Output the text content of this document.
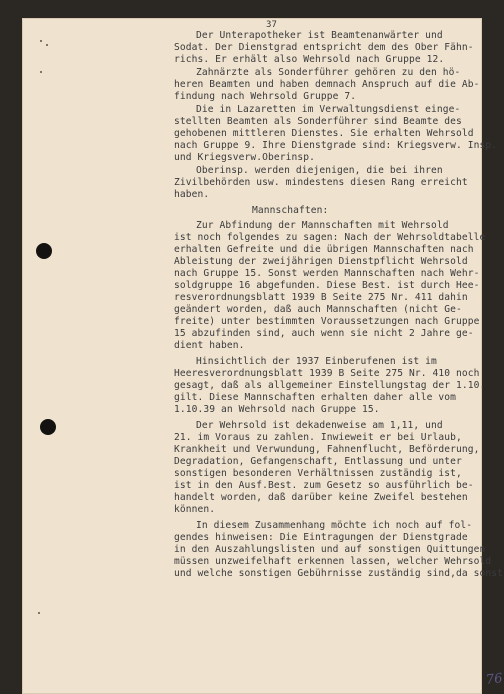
37
Der Unterapotheker ist Beamtenanwärter und
Sodat. Der Dienstgrad entspricht dem des Ober Fähn-
richs. Er erhält also Wehrsold nach Gruppe 12.
Zahnärzte als Sonderführer gehören zu den hö-
heren Beamten und haben demnach Anspruch auf die Ab-
findung nach Wehrsold Gruppe 7.
Die in Lazaretten im Verwaltungsdienst einge-
stellten Beamten als Sonderführer sind Beamte des
gehobenen mittleren Dienstes. Sie erhalten Wehrsold
nach Gruppe 9. Ihre Dienstgrade sind: Kriegsverw. Insp.
und Kriegsverw.Oberinsp.
Oberinsp. werden diejenigen, die bei ihren
Zivilbehörden usw. mindestens diesen Rang erreicht
haben.
Mannschaften:
Zur Abfindung der Mannschaften mit Wehrsold
ist noch folgendes zu sagen: Nach der Wehrsoldtabelle
erhalten Gefreite und die übrigen Mannschaften nach
Ableistung der zweijährigen Dienstpflicht Wehrsold
nach Gruppe 15. Sonst werden Mannschaften nach Wehr-
soldgruppe 16 abgefunden. Diese Best. ist durch Hee-
resverordnungsblatt 1939 B Seite 275 Nr. 411 dahin
geändert worden, daß auch Mannschaften (nicht Ge-
freite) unter bestimmten Voraussetzungen nach Gruppe
15 abzufinden sind, auch wenn sie nicht 2 Jahre ge-
dient haben.
Hinsichtlich der 1937 Einberufenen ist im
Heeresverordnungsblatt 1939 B Seite 275 Nr. 410 noch
gesagt, daß als allgemeiner Einstellungstag der 1.10.
gilt. Diese Mannschaften erhalten daher alle vom
1.10.39 an Wehrsold nach Gruppe 15.
Der Wehrsold ist dekadenweise am 1,11, und
21. im Voraus zu zahlen. Inwieweit er bei Urlaub,
Krankheit und Verwundung, Fahnenflucht, Beförderung,
Degradation, Gefangenschaft, Entlassung und unter
sonstigen besonderen Verhältnissen zuständig ist,
ist in den Ausf.Best. zum Gesetz so ausführlich be-
handelt worden, daß darüber keine Zweifel bestehen
können.
In diesem Zusammenhang möchte ich noch auf fol-
gendes hinweisen: Die Eintragungen der Dienstgrade
in den Auszahlungslisten und auf sonstigen Quittungen
müssen unzweifelhaft erkennen lassen, welcher Wehrsold
und welche sonstigen Gebührnisse zuständig sind,da sonst
76
